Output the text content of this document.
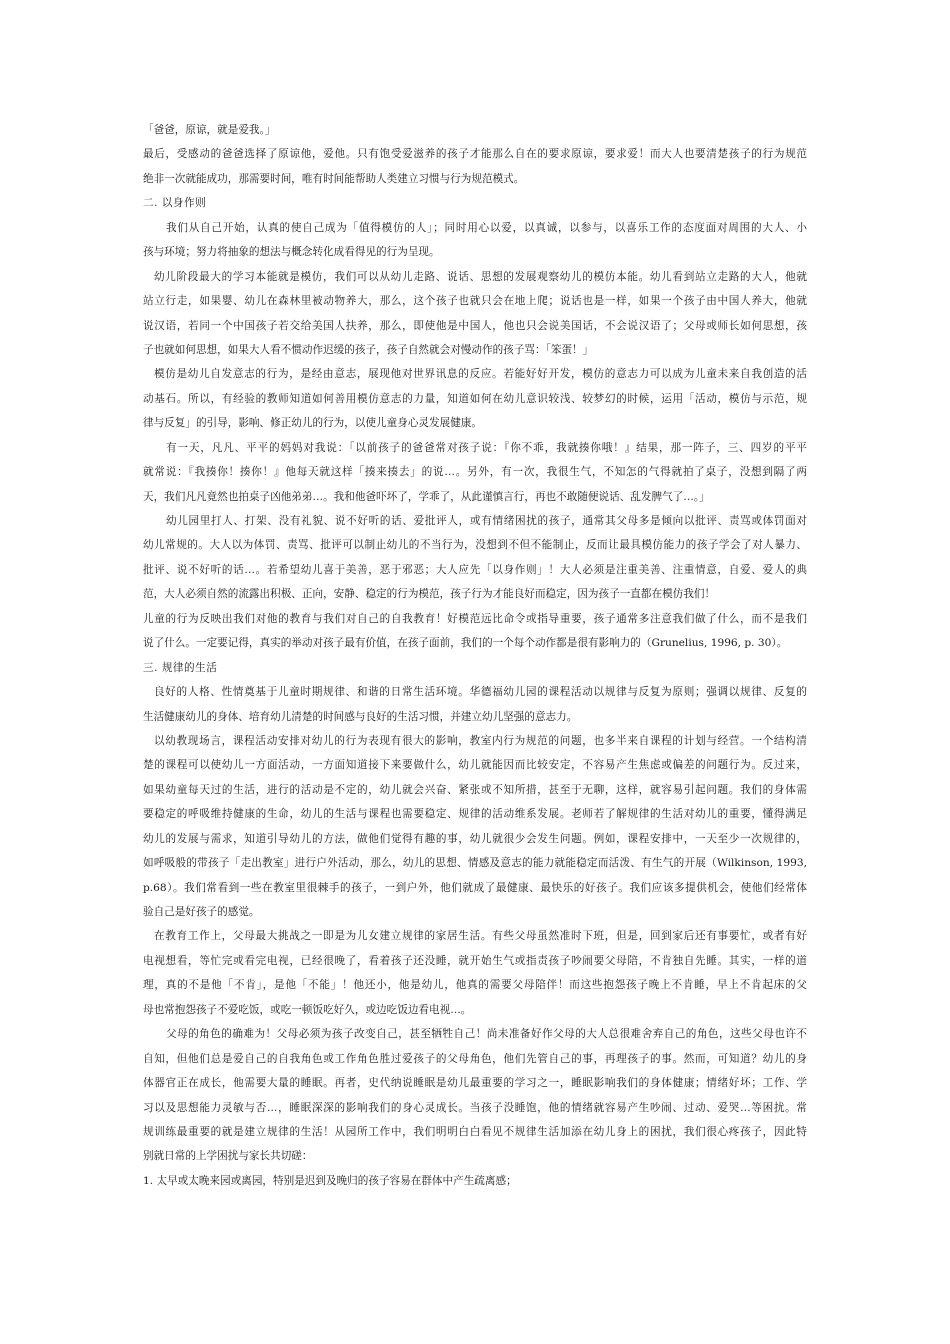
「爸爸，原谅，就是爱我。」
最后，受感动的爸爸选择了原谅他，爱他。只有饱受爱滋养的孩子才能那么自在的要求原谅，要求爱！而大人也要清楚孩子的行为规范
绝非一次就能成功，那需要时间，唯有时间能帮助人类建立习惯与行为规范模式。
二. 以身作则
我们从自己开始，认真的使自己成为「值得模仿的人」；同时用心以爱，以真诚，以参与，以喜乐工作的态度面对周围的大人、小
孩与环境；努力将抽象的想法与概念转化成看得见的行为呈现。
幼儿阶段最大的学习本能就是模仿，我们可以从幼儿走路、说话、思想的发展观察幼儿的模仿本能。幼儿看到站立走路的大人，他就
站立行走，如果婴、幼儿在森林里被动物养大，那么，这个孩子也就只会在地上爬；说话也是一样，如果一个孩子由中国人养大，他就
说汉语，若同一个中国孩子若交给美国人扶养，那么，即使他是中国人，他也只会说美国话，不会说汉语了；父母或师长如何思想，孩
子也就如何思想，如果大人看不惯动作迟缓的孩子，孩子自然就会对慢动作的孩子骂：「笨蛋！」
模仿是幼儿自发意志的行为，是经由意志，展现他对世界讯息的反应。若能好好开发，模仿的意志力可以成为儿童未来自我创造的活
动基石。所以，有经验的教师知道如何善用模仿意志的力量，知道如何在幼儿意识较浅、较梦幻的时候，运用「活动，模仿与示范，规
律与反复」的引导，影响、修正幼儿的行为，以使儿童身心灵发展健康。
有一天，凡凡、平平的妈妈对我说：「以前孩子的爸爸常对孩子说：『你不乖，我就揍你哦！』结果，那一阵子，三、四岁的平平
就常说：『我揍你！揍你！』他每天就这样「揍来揍去」的说…。另外，有一次，我很生气，不知怎的气得就拍了桌子，没想到隔了两
天，我们凡凡竟然也拍桌子凶他弟弟…。我和他爸吓坏了，学乖了，从此谨慎言行，再也不敢随便说话、乱发脾气了…。」
幼儿园里打人、打架、没有礼貌、说不好听的话、爱批评人，或有情绪困扰的孩子，通常其父母多是倾向以批评、责骂或体罚面对
幼儿常规的。大人以为体罚、责骂、批评可以制止幼儿的不当行为，没想到不但不能制止，反而让最具模仿能力的孩子学会了对人暴力、
批评、说不好听的话…。若希望幼儿喜于美善，恶于邪恶；大人应先「以身作则」！大人必须是注重美善、注重情意，自爱、爱人的典
范，大人必须自然的流露出积极、正向，安静、稳定的行为模范，孩子行为才能良好而稳定，因为孩子一直都在模仿我们！
儿童的行为反映出我们对他的教育与我们对自己的自我教育！好模范远比命令或指导重要，孩子通常多注意我们做了什么，而不是我们
说了什么。一定要记得，真实的举动对孩子最有价值，在孩子面前，我们的一个每个动作都是很有影响力的（Grunelius, 1996, p. 30）。
三. 规律的生活
良好的人格、性情奠基于儿童时期规律、和谐的日常生活环境。华德福幼儿园的课程活动以规律与反复为原则；强调以规律、反复的
生活健康幼儿的身体、培育幼儿清楚的时间感与良好的生活习惯，并建立幼儿坚强的意志力。
以幼教现场言，课程活动安排对幼儿的行为表现有很大的影响，教室内行为规范的问题，也多半来自课程的计划与经营。一个结构清
楚的课程可以使幼儿一方面活动，一方面知道接下来要做什么，幼儿就能因而比较安定，不容易产生焦虑或偏差的问题行为。反过来，
如果幼童每天过的生活，进行的活动是不定的，幼儿就会兴奋、紧张或不知所措，甚至于无聊，这样，就容易引起问题。我们的身体需
要稳定的呼吸维持健康的生命，幼儿的生活与课程也需要稳定、规律的活动维系发展。老师若了解规律的生活对幼儿的重要，懂得满足
幼儿的发展与需求，知道引导幼儿的方法，做他们觉得有趣的事，幼儿就很少会发生问题。例如，课程安排中，一天至少一次规律的，
如呼吸般的带孩子「走出教室」进行户外活动，那么，幼儿的思想、情感及意志的能力就能稳定而活泼、有生气的开展（Wilkinson, 1993,
p.68）。我们常看到一些在教室里很棘手的孩子，一到户外，他们就成了最健康、最快乐的好孩子。我们应该多提供机会，使他们经常体
验自己是好孩子的感觉。
在教育工作上，父母最大挑战之一即是为儿女建立规律的家居生活。有些父母虽然准时下班，但是，回到家后还有事要忙，或者有好
电视想看，等忙完或看完电视，已经很晚了，看着孩子还没睡，就开始生气或指责孩子吵闹要父母陪，不肯独自先睡。其实，一样的道
理，真的不是他「不肯」，是他「不能」！他还小，他是幼儿，他真的需要父母陪伴！而这些抱怨孩子晚上不肯睡，早上不肯起床的父
母也常抱怨孩子不爱吃饭，或吃一顿饭吃好久，或边吃饭边看电视…。
父母的角色的确难为！父母必须为孩子改变自己，甚至牺牲自己！尚未准备好作父母的大人总很难舍弃自己的角色，这些父母也许不
自知，但他们总是爱自己的自我角色或工作角色胜过爱孩子的父母角色，他们先管自己的事，再理孩子的事。然而，可知道？幼儿的身
体器官正在成长，他需要大量的睡眠。再者，史代纳说睡眠是幼儿最重要的学习之一，睡眠影响我们的身体健康；情绪好坏；工作、学
习以及思想能力灵敏与否…，睡眠深深的影响我们的身心灵成长。当孩子没睡饱，他的情绪就容易产生吵闹、过动、爱哭…等困扰。常
规训练最重要的就是建立规律的生活！从园所工作中，我们明明白白看见不规律生活加添在幼儿身上的困扰，我们很心疼孩子，因此特
别就日常的上学困扰与家长共切磋：
1. 太早或太晚来园或离园，特别是迟到及晚归的孩子容易在群体中产生疏离感；
